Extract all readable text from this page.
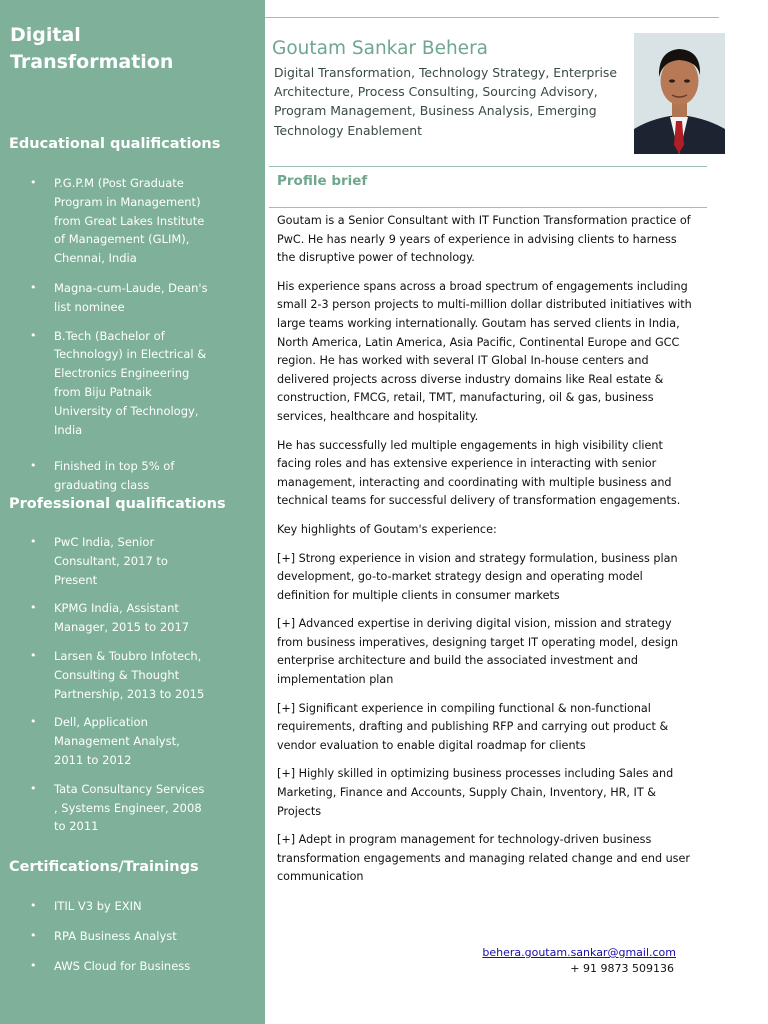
Digital
Transformation
Educational qualifications
• P.G.P.M (Post Graduate Program in Management) from Great Lakes Institute of Management (GLIM), Chennai, India
• Magna-cum-Laude, Dean's list nominee
• B.Tech (Bachelor of Technology) in Electrical & Electronics Engineering from Biju Patnaik University of Technology, India
• Finished in top 5% of graduating class
Professional qualifications
• PwC India, Senior Consultant, 2017 to Present
• KPMG India, Assistant Manager, 2015 to 2017
• Larsen & Toubro Infotech, Consulting & Thought Partnership, 2013 to 2015
• Dell, Application Management Analyst, 2011 to 2012
• Tata Consultancy Services , Systems Engineer, 2008 to 2011
Certifications/Trainings
• ITIL V3 by EXIN
• RPA Business Analyst
• AWS Cloud for Business
Goutam Sankar Behera
Digital Transformation, Technology Strategy, Enterprise Architecture, Process Consulting, Sourcing Advisory, Program Management, Business Analysis, Emerging Technology Enablement
Profile brief

Goutam is a Senior Consultant with IT Function Transformation practice of PwC. He has nearly 9 years of experience in advising clients to harness the disruptive power of technology.

His experience spans across a broad spectrum of engagements including small 2-3 person projects to multi-million dollar distributed initiatives with large teams working internationally. Goutam has served clients in India, North America, Latin America, Asia Pacific, Continental Europe and GCC region. He has worked with several IT Global In-house centers and delivered projects across diverse industry domains like Real estate & construction, FMCG, retail, TMT, manufacturing, oil & gas, business services, healthcare and hospitality.

He has successfully led multiple engagements in high visibility client facing roles and has extensive experience in interacting with senior management, interacting and coordinating with multiple business and technical teams for successful delivery of transformation engagements.

Key highlights of Goutam's experience:

[+] Strong experience in vision and strategy formulation, business plan development, go-to-market strategy design and operating model definition for multiple clients in consumer markets

[+] Advanced expertise in deriving digital vision, mission and strategy from business imperatives, designing target IT operating model, design enterprise architecture and build the associated investment and implementation plan

[+] Significant experience in compiling functional & non-functional requirements, drafting and publishing RFP and carrying out product & vendor evaluation to enable digital roadmap for clients

[+] Highly skilled in optimizing business processes including Sales and Marketing, Finance and Accounts, Supply Chain, Inventory, HR, IT & Projects

[+] Adept in program management for technology-driven business transformation engagements and managing related change and end user communication

behera.goutam.sankar@gmail.com
+ 91 9873 509136
